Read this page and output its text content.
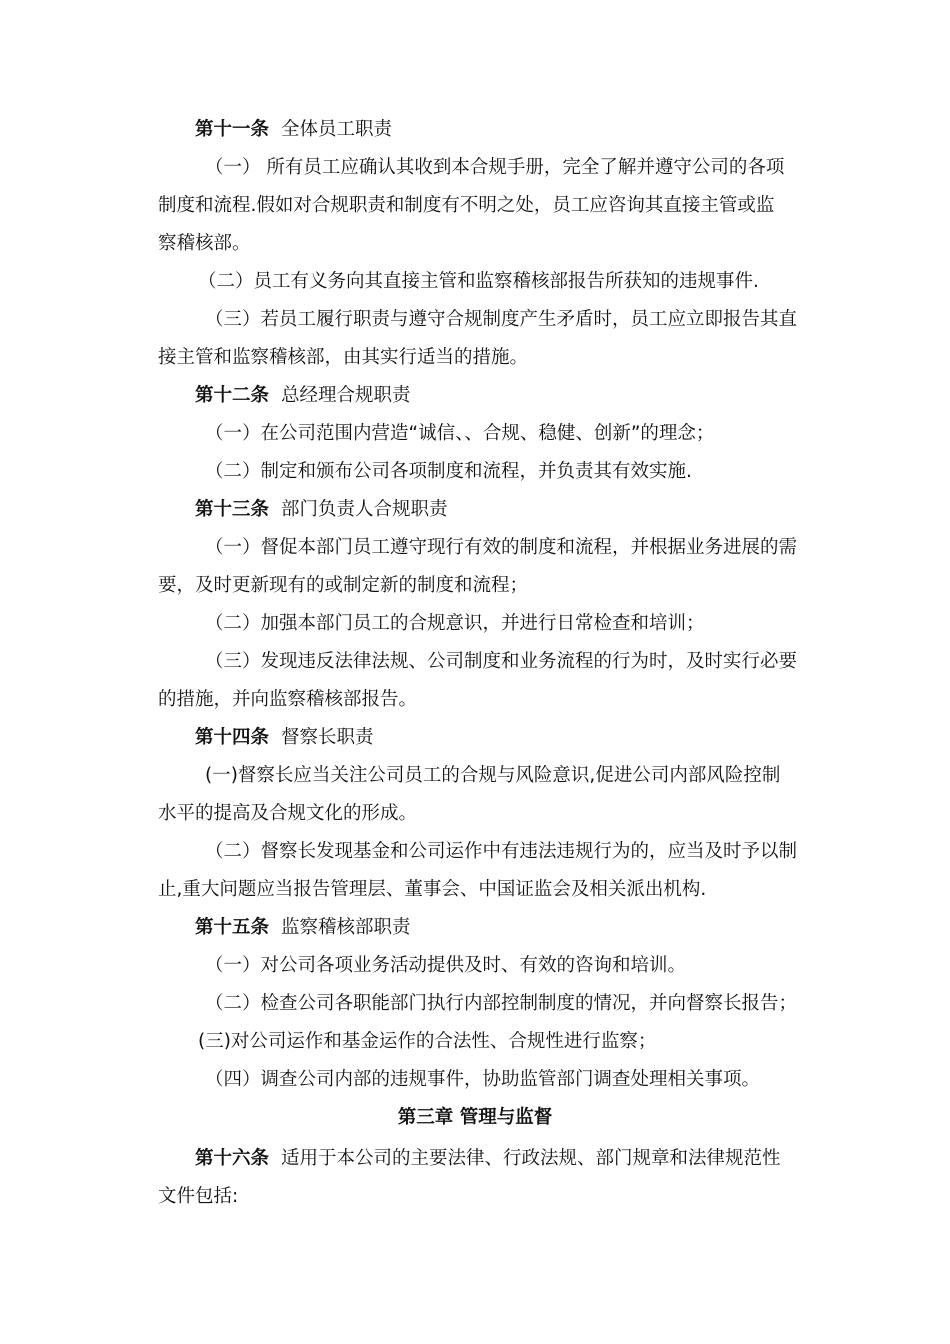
第十一条 全体员工职责
（一） 所有员工应确认其收到本合规手册，完全了解并遵守公司的各项
制度和流程.假如对合规职责和制度有不明之处，员工应咨询其直接主管或监
察稽核部。
（二）员工有义务向其直接主管和监察稽核部报告所获知的违规事件.
（三）若员工履行职责与遵守合规制度产生矛盾时，员工应立即报告其直
接主管和监察稽核部，由其实行适当的措施。
第十二条 总经理合规职责
（一）在公司范围内营造“诚信、、合规、稳健、创新”的理念；
（二）制定和颁布公司各项制度和流程，并负责其有效实施.
第十三条 部门负责人合规职责
（一）督促本部门员工遵守现行有效的制度和流程，并根据业务进展的需
要，及时更新现有的或制定新的制度和流程；
（二）加强本部门员工的合规意识，并进行日常检查和培训；
（三）发现违反法律法规、公司制度和业务流程的行为时，及时实行必要
的措施，并向监察稽核部报告。
第十四条 督察长职责
(一)督察长应当关注公司员工的合规与风险意识,促进公司内部风险控制
水平的提高及合规文化的形成。
（二）督察长发现基金和公司运作中有违法违规行为的，应当及时予以制
止,重大问题应当报告管理层、董事会、中国证监会及相关派出机构.
第十五条 监察稽核部职责
（一）对公司各项业务活动提供及时、有效的咨询和培训。
（二）检查公司各职能部门执行内部控制制度的情况，并向督察长报告；
(三)对公司运作和基金运作的合法性、合规性进行监察；
（四）调查公司内部的违规事件，协助监管部门调查处理相关事项。
第三章 管理与监督
第十六条 适用于本公司的主要法律、行政法规、部门规章和法律规范性
文件包括:
